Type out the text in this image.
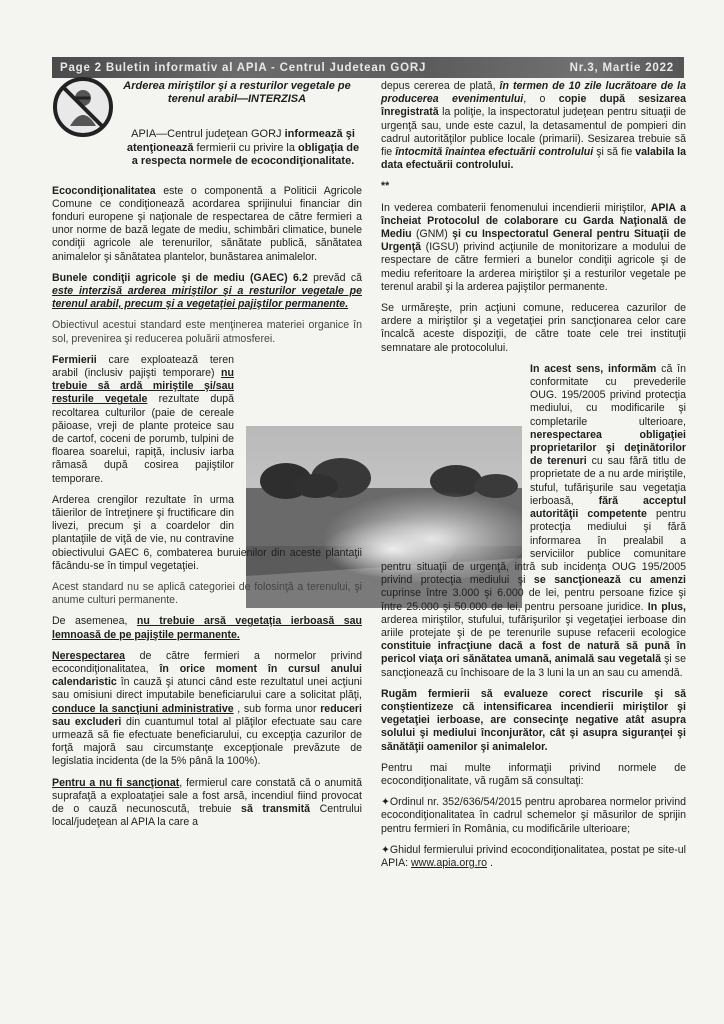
Page 2 Buletin informativ al APIA - Centrul Judetean GORJ	Nr.3, Martie 2022

Arderea miriştilor şi a resturilor vegetale pe terenul arabil—INTERZISA

APIA—Centrul judeţean GORJ informează şi atenţionează fermierii cu privire la obligaţia de a respecta normele de ecocondiţionalitate.

Ecocondiţionalitatea este o componentă a Politicii Agricole Comune ce condiţionează acordarea sprijinului financiar din fonduri europene şi naţionale de respectarea de către fermieri a unor norme de bază legate de mediu, schimbări climatice, bunele condiţii agricole ale terenurilor, sănătate publică, sănătatea animalelor şi sănătatea plantelor, bunăstarea animalelor.

Bunele condiţii agricole şi de mediu (GAEC) 6.2 prevăd că este interzisă arderea miriştilor şi a resturilor vegetale pe terenul arabil, precum şi a vegetaţiei pajiştilor permanente.

Obiectivul acestui standard este menţinerea materiei organice în sol, prevenirea şi reducerea poluării atmosferei.

Fermierii care exploatează teren arabil (inclusiv pajişti temporare) nu trebuie să ardă miriştile şi/sau resturile vegetale rezultate după recoltarea culturilor (paie de cereale păioase, vreji de plante proteice sau de cartof, coceni de porumb, tulpini de floarea soarelui, rapiţă, inclusiv iarba rămasă după cosirea pajiştilor temporare.

Arderea crengilor rezultate în urma tăierilor de întreţinere şi fructificare din livezi, precum şi a coardelor din plantaţiile de viţă de vie, nu contravine obiectivului GAEC 6, combaterea buruienilor din aceste plantaţii făcându-se în timpul vegetaţiei.

Acest standard nu se aplică categoriei de folosinţă a terenului, şi anume culturi permanente.

De asemenea, nu trebuie arsă vegetaţia ierboasă sau lemnoasă de pe pajiştile permanente.

Nerespectarea de către fermieri a normelor privind ecocondiţionalitatea, în orice moment în cursul anului calendaristic în cauză şi atunci când este rezultatul unei acţiuni sau omisiuni direct imputabile beneficiarului care a solicitat plăţi, conduce la sancţiuni administrative , sub forma unor reduceri sau excluderi din cuantumul total al plăţilor efectuate sau care urmează să fie efectuate beneficiarului, cu excepţia cazurilor de forţă majoră sau circumstanţe excepţionale prevăzute de legislatia incidenta (de la 5% până la 100%).

Pentru a nu fi sancţionat, fermierul care constată că o anumită suprafaţă a exploataţiei sale a fost arsă, incendiul fiind provocat de o cauză necunoscută, trebuie să transmită Centrului local/judeţean al APIA la care a

depus cererea de plată, în termen de 10 zile lucrătoare de la producerea evenimentului, o copie după sesizarea înregistrată la poliţie, la inspectoratul judeţean pentru situaţii de urgenţă sau, unde este cazul, la detasamentul de pompieri din cadrul autorităţilor publice locale (primarii). Sesizarea trebuie să fie întocmită înaintea efectuării controlului şi să fie valabila la data efectuării controlului.

**

In vederea combaterii fenomenului incendierii miriştilor, APIA a încheiat Protocolul de colaborare cu Garda Naţională de Mediu (GNM) şi cu Inspectoratul General pentru Situaţii de Urgenţă (IGSU) privind acţiunile de monitorizare a modului de respectare de către fermieri a bunelor condiţii agricole şi de mediu referitoare la arderea miriştilor şi a resturilor vegetale pe terenul arabil şi la arderea pajiştilor permanente.

Se urmăreşte, prin acţiuni comune, reducerea cazurilor de ardere a miriştilor şi a vegetaţiei prin sancţionarea celor care încalcă aceste dispoziţii, de către toate cele trei instituţii semnatare ale protocolului.

In acest sens, informăm că în conformitate cu prevederile OUG. 195/2005 privind protecţia mediului, cu modificarile şi completarile ulterioare, nerespectarea obligaţiei proprietarilor şi deţinătorilor de terenuri cu sau fără titlu de proprietate de a nu arde miriştile, stuful, tufărişurile sau vegetaţia ierboasă, fără acceptul autorităţii competente pentru protecţia mediului şi fără informarea în prealabil a serviciilor publice comunitare pentru situaţii de urgenţă, intră sub incidenţa OUG 195/2005 privind protecţia mediului şi se sancţionează cu amenzi cuprinse între 3.000 şi 6.000 de lei, pentru persoane fizice şi între 25.000 şi 50.000 de lei, pentru persoane juridice. In plus, arderea miriştilor, stufului, tufărişurilor şi vegetaţiei ierboase din ariile protejate şi de pe terenurile supuse refacerii ecologice constituie infracţiune dacă a fost de natură să pună în pericol viaţa ori sănătatea umană, animală sau vegetală şi se sancţionează cu închisoare de la 3 luni la un an sau cu amendă.

Rugăm fermierii să evalueze corect riscurile şi să conştientizeze că intensificarea incendierii miriştilor şi vegetaţiei ierboase, are consecinţe negative atât asupra solului şi mediului înconjurător, cât şi asupra siguranţei şi sănătăţii oamenilor şi animalelor.

Pentru mai multe informaţii privind normele de ecocondiţionalitate, vă rugăm să consultaţi:

✦Ordinul nr. 352/636/54/2015 pentru aprobarea normelor privind ecocondiţionalitatea în cadrul schemelor şi măsurilor de sprijin pentru fermieri în România, cu modificările ulterioare;

✦Ghidul fermierului privind ecocondiţionalitatea, postat pe site-ul APIA: www.apia.org.ro .
